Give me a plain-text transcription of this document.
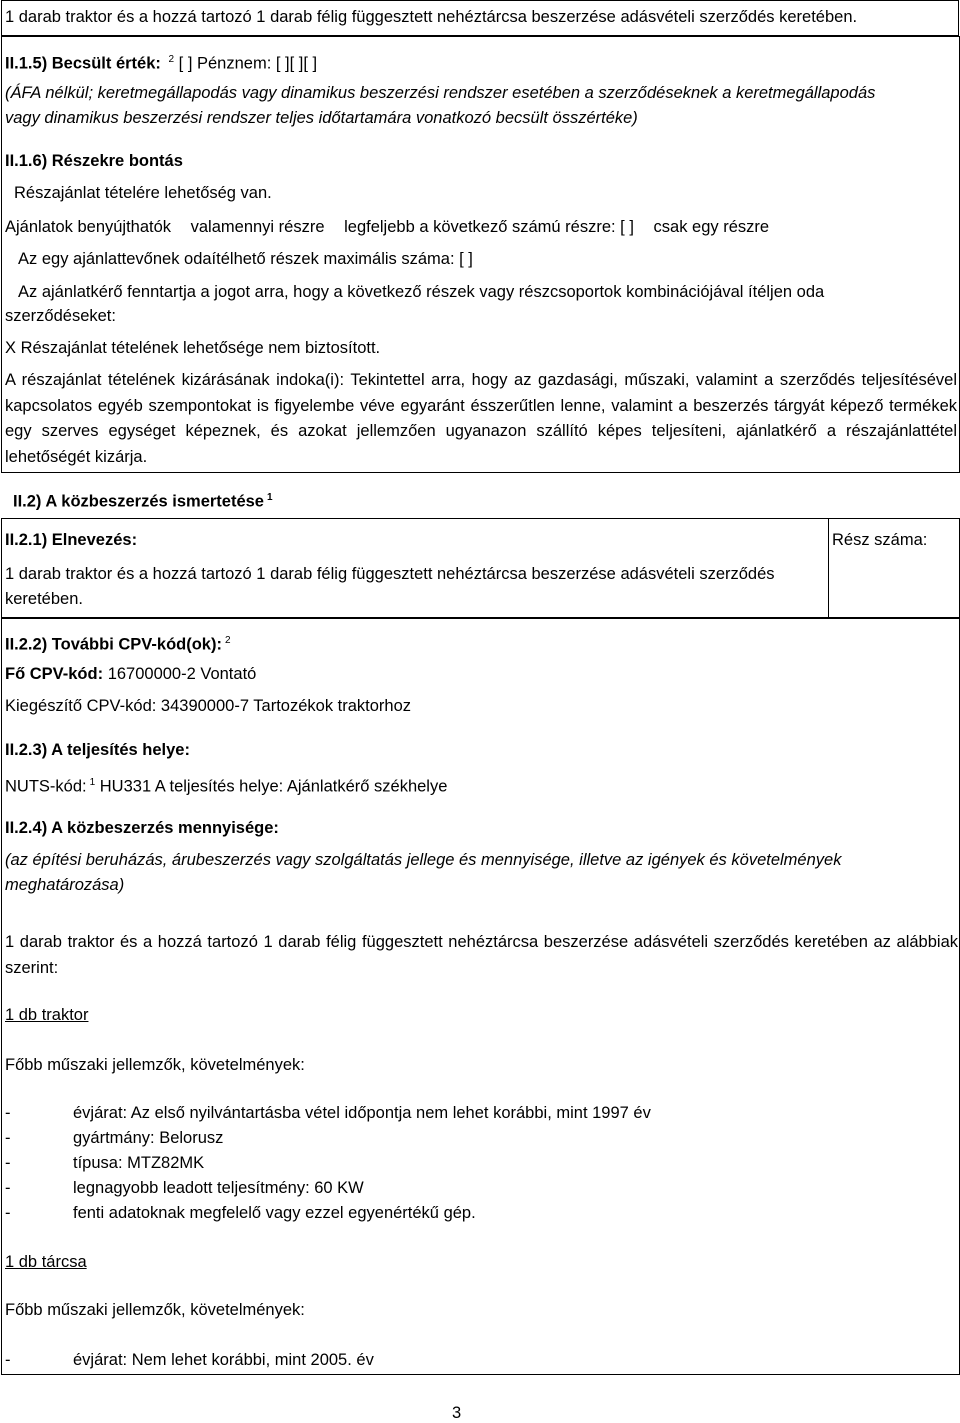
1 darab traktor és a hozzá tartozó 1 darab félig függesztett nehéztárcsa beszerzése adásvételi szerződés keretében.
II.1.5) Becsült érték: $^2$ [ ] Pénznem: [ ][ ][ ]
(ÁFA nélkül; keretmegállapodás vagy dinamikus beszerzési rendszer esetében a szerződéseknek a keretmegállapodás
vagy dinamikus beszerzési rendszer teljes időtartamára vonatkozó becsült összértéke)
II.1.6) Részekre bontás
Részajánlat tételére lehetőség van.
Ajánlatok benyújthatók valamennyi részre legfeljebb a következő számú részre: [ ] csak egy részre
Az egy ajánlattevőnek odaítélhető részek maximális száma: [ ]
Az ajánlatkérő fenntartja a jogot arra, hogy a következő részek vagy részcsoportok kombinációjával ítéljen oda
szerződéseket:
X Részajánlat tételének lehetősége nem biztosított.
A részajánlat tételének kizárásának indoka(i): Tekintettel arra, hogy az gazdasági, műszaki, valamint a szerződés teljesítésével kapcsolatos egyéb szempontokat is figyelembe véve egyaránt ésszerűtlen lenne, valamint a beszerzés tárgyát képező termékek egy szerves egységet képeznek, és azokat jellemzően ugyanazon szállító képes teljesíteni, ajánlatkérő a részajánlattétel lehetőségét kizárja.
II.2) A közbeszerzés ismertetése $^1$
II.2.1) Elnevezés:
1 darab traktor és a hozzá tartozó 1 darab félig függesztett nehéztárcsa beszerzése adásvételi szerződés
keretében.
Rész száma:
II.2.2) További CPV-kód(ok): $^2$
Fő CPV-kód: 16700000-2 Vontató
Kiegészítő CPV-kód: 34390000-7 Tartozékok traktorhoz
II.2.3) A teljesítés helye:
NUTS-kód: $^1$ HU331 A teljesítés helye: Ajánlatkérő székhelye
II.2.4) A közbeszerzés mennyisége:
(az építési beruházás, árubeszerzés vagy szolgáltatás jellege és mennyisége, illetve az igények és követelmények
meghatározása)
1 darab traktor és a hozzá tartozó 1 darab félig függesztett nehéztárcsa beszerzése adásvételi szerződés keretében az alábbiak szerint:
1 db traktor
Főbb műszaki jellemzők, követelmények:
-	évjárat: Az első nyilvántartásba vétel időpontja nem lehet korábbi, mint 1997 év
-	gyártmány: Belorusz
-	típusa: MTZ82MK
-	legnagyobb leadott teljesítmény: 60 KW
-	fenti adatoknak megfelelő vagy ezzel egyenértékű gép.
1 db tárcsa
Főbb műszaki jellemzők, követelmények:
-	évjárat: Nem lehet korábbi, mint 2005. év
3
